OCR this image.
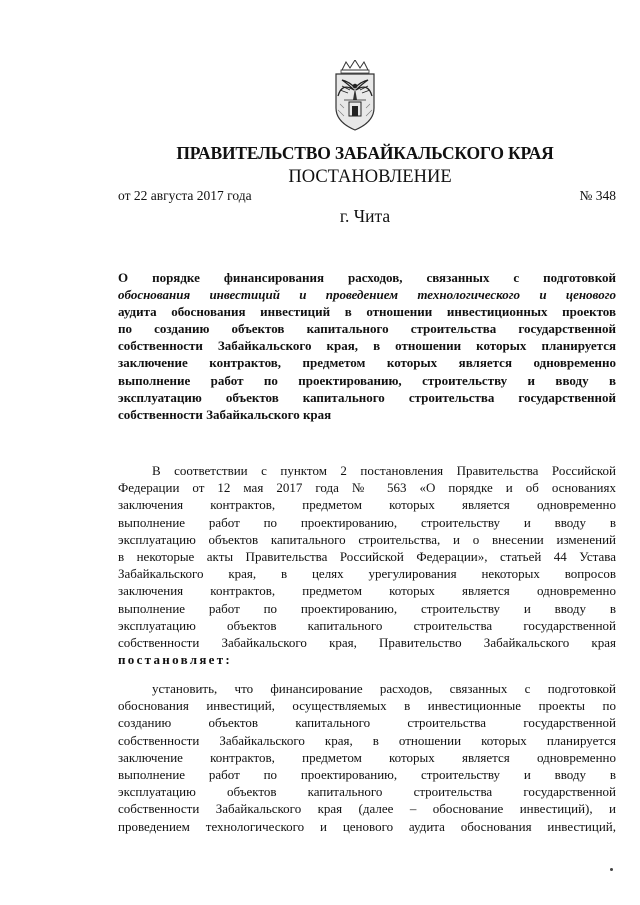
ПРАВИТЕЛЬСТВО ЗАБАЙКАЛЬСКОГО КРАЯ
ПОСТАНОВЛЕНИЕ
от 22 августа 2017 года	№ 348
г. Чита
О порядке финансирования расходов, связанных с подготовкой
обоснования инвестиций и проведением технологического и ценового
аудита обоснования инвестиций в отношении инвестиционных проектов
по созданию объектов капитального строительства государственной
собственности Забайкальского края, в отношении которых планируется
заключение контрактов, предметом которых является одновременно
выполнение работ по проектированию, строительству и вводу в
эксплуатацию объектов капитального строительства государственной
собственности Забайкальского края
В соответствии с пунктом 2 постановления Правительства Российской
Федерации от 12 мая 2017 года № 563 «О порядке и об основаниях
заключения контрактов, предметом которых является одновременно
выполнение работ по проектированию, строительству и вводу в
эксплуатацию объектов капитального строительства, и о внесении изменений
в некоторые акты Правительства Российской Федерации», статьей 44 Устава
Забайкальского края, в целях урегулирования некоторых вопросов
заключения контрактов, предметом которых является одновременно
выполнение работ по проектированию, строительству и вводу в
эксплуатацию объектов капитального строительства государственной
собственности Забайкальского края, Правительство Забайкальского края
постановляет:
установить, что финансирование расходов, связанных с подготовкой
обоснования инвестиций, осуществляемых в инвестиционные проекты по
созданию объектов капитального строительства государственной
собственности Забайкальского края, в отношении которых планируется
заключение контрактов, предметом которых является одновременно
выполнение работ по проектированию, строительству и вводу в
эксплуатацию объектов капитального строительства государственной
собственности Забайкальского края (далее – обоснование инвестиций), и
проведением технологического и ценового аудита обоснования инвестиций,
